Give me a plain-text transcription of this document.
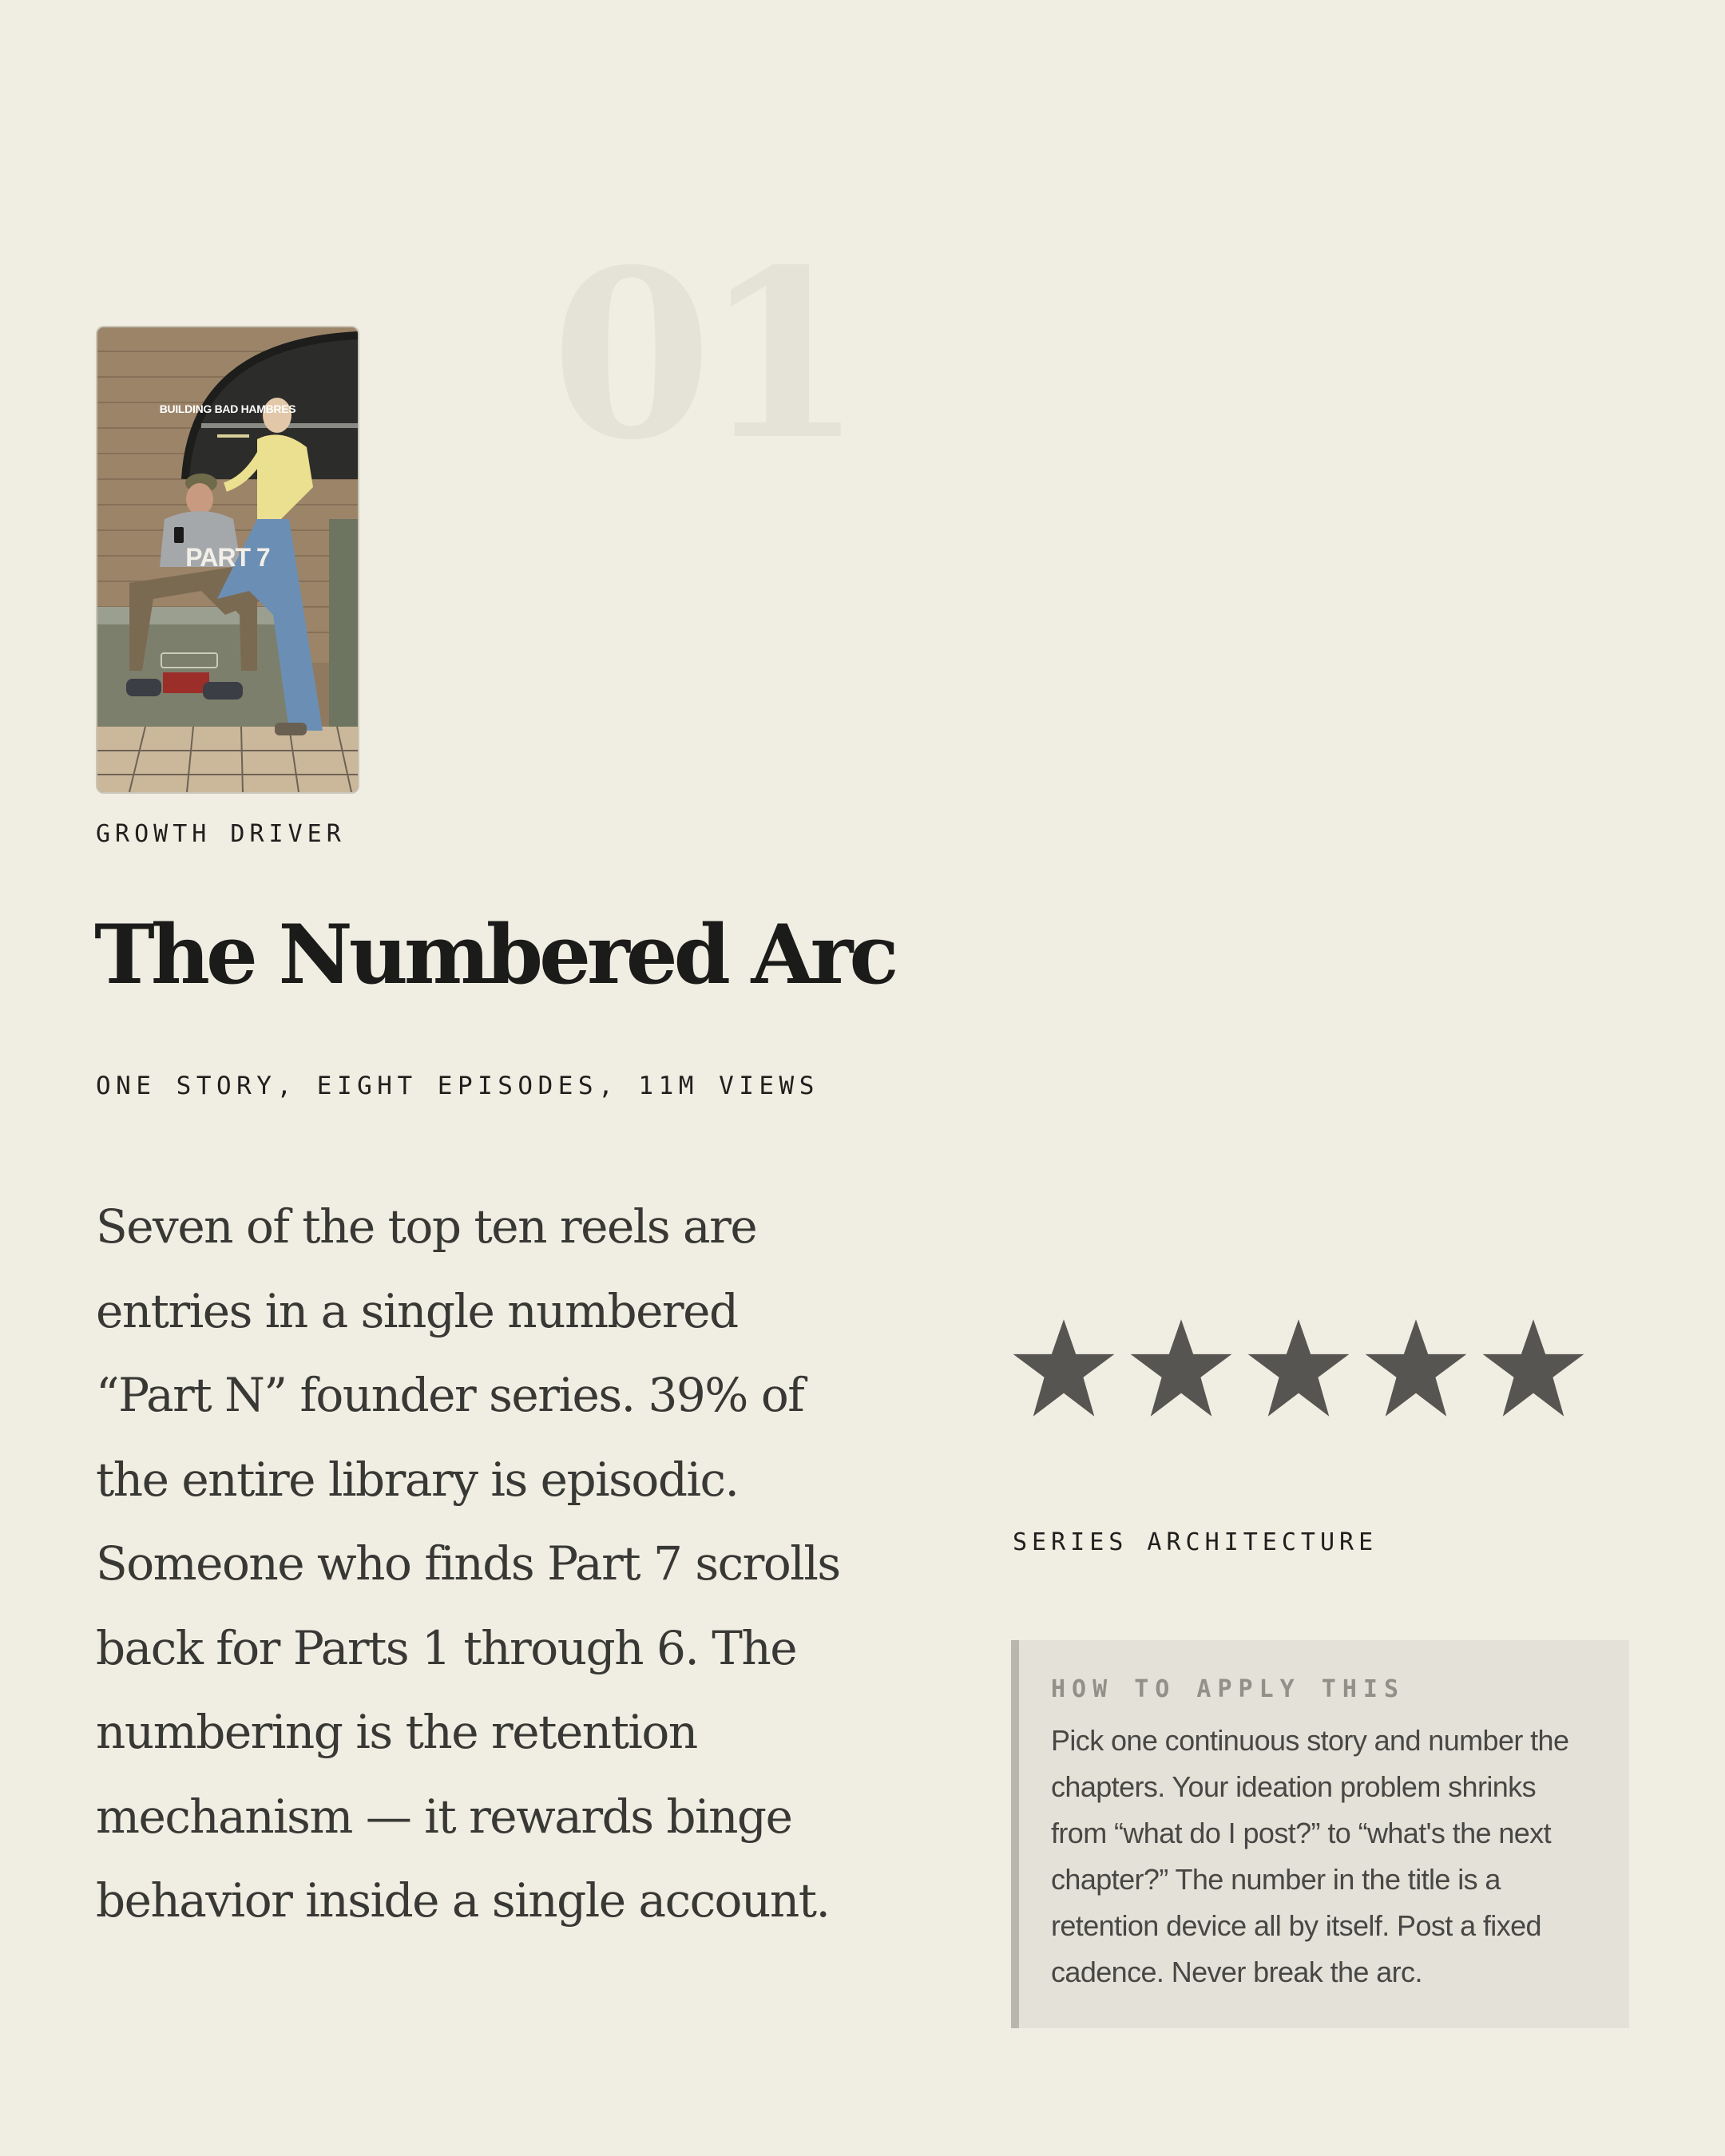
01
BUILDING BAD HAMBRES
PART 7
GROWTH DRIVER
The Numbered Arc
ONE STORY, EIGHT EPISODES, 11M VIEWS

Seven of the top ten reels are entries in a single numbered “Part N” founder series. 39% of the entire library is episodic. Someone who finds Part 7 scrolls back for Parts 1 through 6. The numbering is the retention mechanism — it rewards binge behavior inside a single account.

SERIES ARCHITECTURE
HOW TO APPLY THIS
Pick one continuous story and number the chapters. Your ideation problem shrinks from “what do I post?” to “what's the next chapter?” The number in the title is a retention device all by itself. Post a fixed cadence. Never break the arc.
